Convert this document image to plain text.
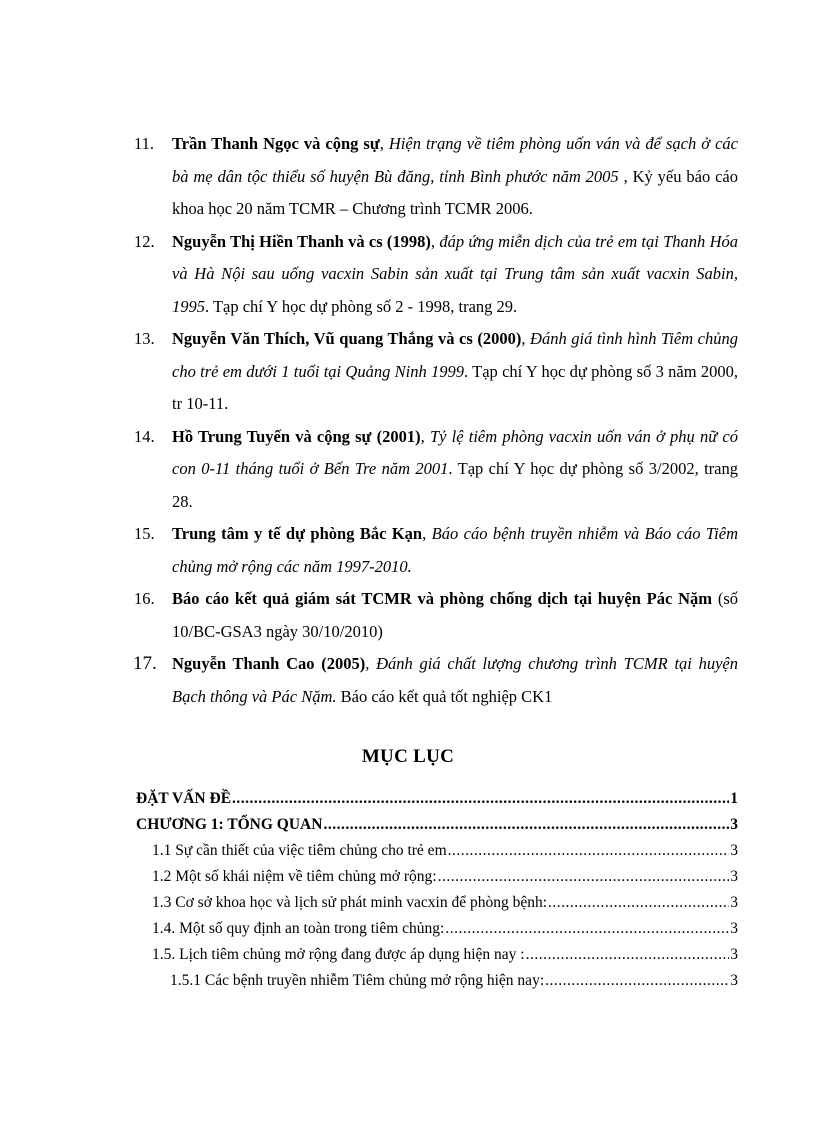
11. Trần Thanh Ngọc và cộng sự, Hiện trạng về tiêm phòng uốn ván và để sạch ở các bà mẹ dân tộc thiểu số huyện Bù đăng, tỉnh Bình phước năm 2005 , Kỷ yếu báo cáo khoa học 20 năm TCMR – Chương trình TCMR 2006.
12. Nguyễn Thị Hiền Thanh và cs (1998), đáp ứng miễn dịch của trẻ em tại Thanh Hóa và Hà Nội sau uống vacxin Sabin sản xuất tại Trung tâm sản xuất vacxin Sabin, 1995. Tạp chí Y học dự phòng số 2 - 1998, trang 29.
13. Nguyễn Văn Thích, Vũ quang Thắng và cs (2000), Đánh giá tình hình Tiêm chủng cho trẻ em dưới 1 tuổi tại Quảng Ninh 1999. Tạp chí Y học dự phòng số 3 năm 2000, tr 10-11.
14. Hồ Trung Tuyến và cộng sự (2001), Tỷ lệ tiêm phòng vacxin uốn ván ở phụ nữ có con 0-11 tháng tuổi ở Bến Tre năm 2001. Tạp chí Y học dự phòng số 3/2002, trang 28.
15. Trung tâm y tế dự phòng Bắc Kạn, Báo cáo bệnh truyền nhiễm và Báo cáo Tiêm chủng mở rộng các năm 1997-2010.
16. Báo cáo kết quả giám sát TCMR và phòng chống dịch tại huyện Pác Nặm (số 10/BC-GSA3 ngày 30/10/2010)
17. Nguyễn Thanh Cao (2005), Đánh giá chất lượng chương trình TCMR tại huyện Bạch thông và Pác Nặm. Báo cáo kết quả tốt nghiệp CK1
MỤC LỤC
ĐẶT VẤN ĐỀ .....	1
CHƯƠNG 1: TỔNG QUAN .....	3
1.1 Sự cần thiết của việc tiêm chủng cho trẻ em .....	3
1.2 Một số khái niệm về tiêm chủng mở rộng: .....	3
1.3 Cơ sở khoa học và lịch sử phát minh vacxin để phòng bệnh: .....	3
1.4. Một số quy định an toàn trong tiêm chủng: .....	3
1.5. Lịch tiêm chủng mở rộng đang được áp dụng hiện nay : .....	3
1.5.1 Các bệnh truyền nhiễm Tiêm chủng mở rộng hiện nay: .....	3
